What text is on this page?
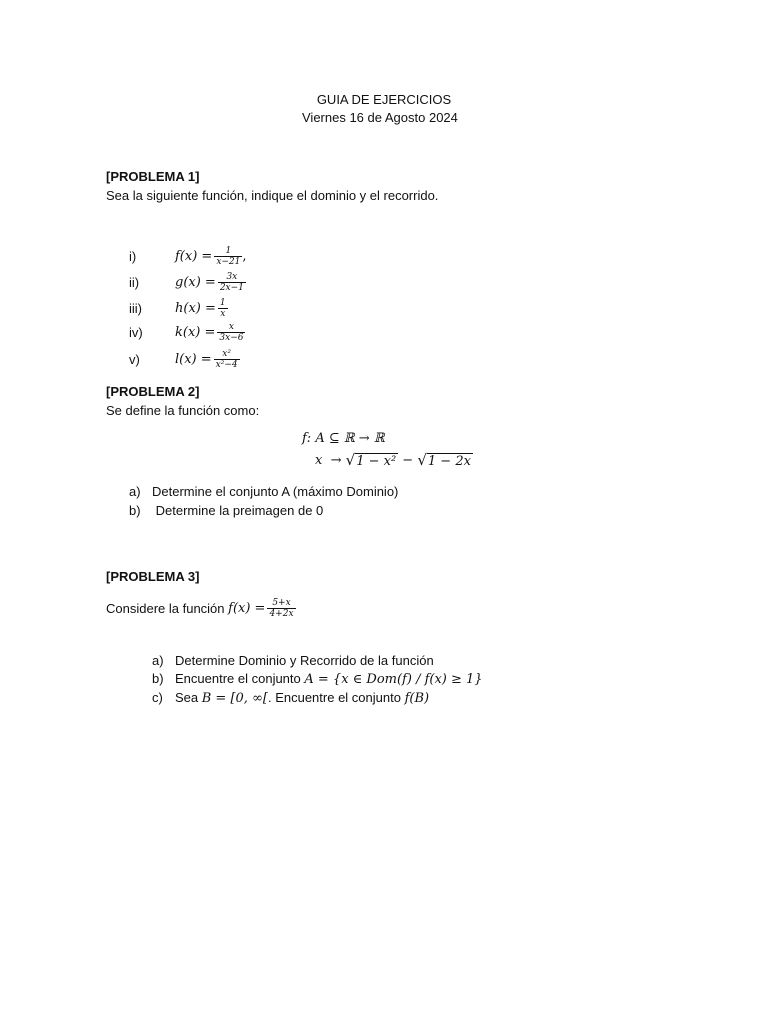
GUIA DE EJERCICIOS
Viernes 16 de Agosto 2024
[PROBLEMA 1]
Sea la siguiente función, indique el dominio y el recorrido.
i)	$f(x) = \frac{1}{x-21}$ ,
ii)	$g(x) = \frac{3x}{2x-1}$
iii)	$h(x) = \frac{1}{x}$
iv)	$k(x) = \frac{x}{3x-6}$
v)	$l(x) = \frac{\text{x²}}{\text{x²−4}}$
[PROBLEMA 2]
Se define la función como:
f: A ⊆ ℝ → ℝ
x  → √1 − x² − √1 − 2x
a) Determine el conjunto A (máximo Dominio)
b) Determine la preimagen de 0
[PROBLEMA 3]
Considere la función $f(x) = \frac{5+x}{4+2x}$
a) Determine Dominio y Recorrido de la función
b) Encuentre el conjunto A = {x ∈ Dom(f) / f(x) ≥ 1}
c) Sea B = [0, ∞[. Encuentre el conjunto f(B)
